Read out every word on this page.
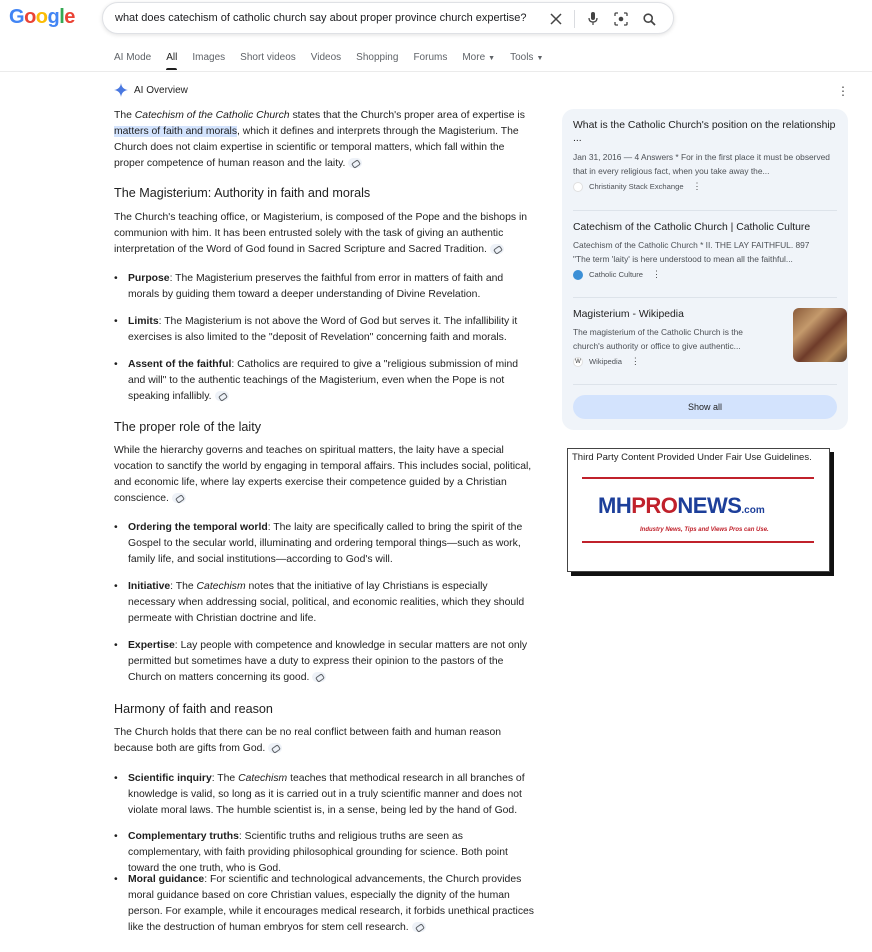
Google	what does catechism of catholic church say about proper province church expertise?
AI Mode All Images Short videos Videos Shopping Forums More ▼ Tools ▼
AI Overview	⋮

The Catechism of the Catholic Church states that the Church's proper area of expertise is matters of faith and morals, which it defines and interprets through the Magisterium. The Church does not claim expertise in scientific or temporal matters, which fall within the proper competence of human reason and the laity.

The Magisterium: Authority in faith and morals

The Church's teaching office, or Magisterium, is composed of the Pope and the bishops in communion with him. It has been entrusted solely with the task of giving an authentic interpretation of the Word of God found in Sacred Scripture and Sacred Tradition.

• Purpose: The Magisterium preserves the faithful from error in matters of faith and morals by guiding them toward a deeper understanding of Divine Revelation.
• Limits: The Magisterium is not above the Word of God but serves it. The infallibility it exercises is also limited to the "deposit of Revelation" concerning faith and morals.
• Assent of the faithful: Catholics are required to give a "religious submission of mind and will" to the authentic teachings of the Magisterium, even when the Pope is not speaking infallibly.
The proper role of the laity

While the hierarchy governs and teaches on spiritual matters, the laity have a special vocation to sanctify the world by engaging in temporal affairs. This includes social, political, and economic life, where lay experts exercise their competence guided by a Christian conscience.

• Ordering the temporal world: The laity are specifically called to bring the spirit of the Gospel to the secular world, illuminating and ordering temporal things—such as work, family life, and social institutions—according to God's will.
• Initiative: The Catechism notes that the initiative of lay Christians is especially necessary when addressing social, political, and economic realities, which they should permeate with Christian doctrine and life.
• Expertise: Lay people with competence and knowledge in secular matters are not only permitted but sometimes have a duty to express their opinion to the pastors of the Church on matters concerning its good.
Harmony of faith and reason

The Church holds that there can be no real conflict between faith and human reason because both are gifts from God.

• Scientific inquiry: The Catechism teaches that methodical research in all branches of knowledge is valid, so long as it is carried out in a truly scientific manner and does not violate moral laws. The humble scientist is, in a sense, being led by the hand of God.
• Complementary truths: Scientific truths and religious truths are seen as complementary, with faith providing philosophical grounding for science. Both point toward the one truth, who is God.
• Moral guidance: For scientific and technological advancements, the Church provides moral guidance based on core Christian values, especially the dignity of the human person. For example, while it encourages medical research, it forbids unethical practices like the destruction of human embryos for stem cell research.
What is the Catholic Church's position on the relationship ...
Jan 31, 2016 — 4 Answers * For in the first place it must be observed that in every religious fact, when you take away the...
Christianity Stack Exchange ⋮
Catechism of the Catholic Church | Catholic Culture
Catechism of the Catholic Church * II. THE LAY FAITHFUL. 897 "The term 'laity' is here understood to mean all the faithful...
Catholic Culture ⋮
Magisterium - Wikipedia
The magisterium of the Catholic Church is the church's authority or office to give authentic...
W Wikipedia ⋮
Show all
Third Party Content Provided Under Fair Use Guidelines.
MHPRONEWS.com
Industry News, Tips and Views Pros can Use.
